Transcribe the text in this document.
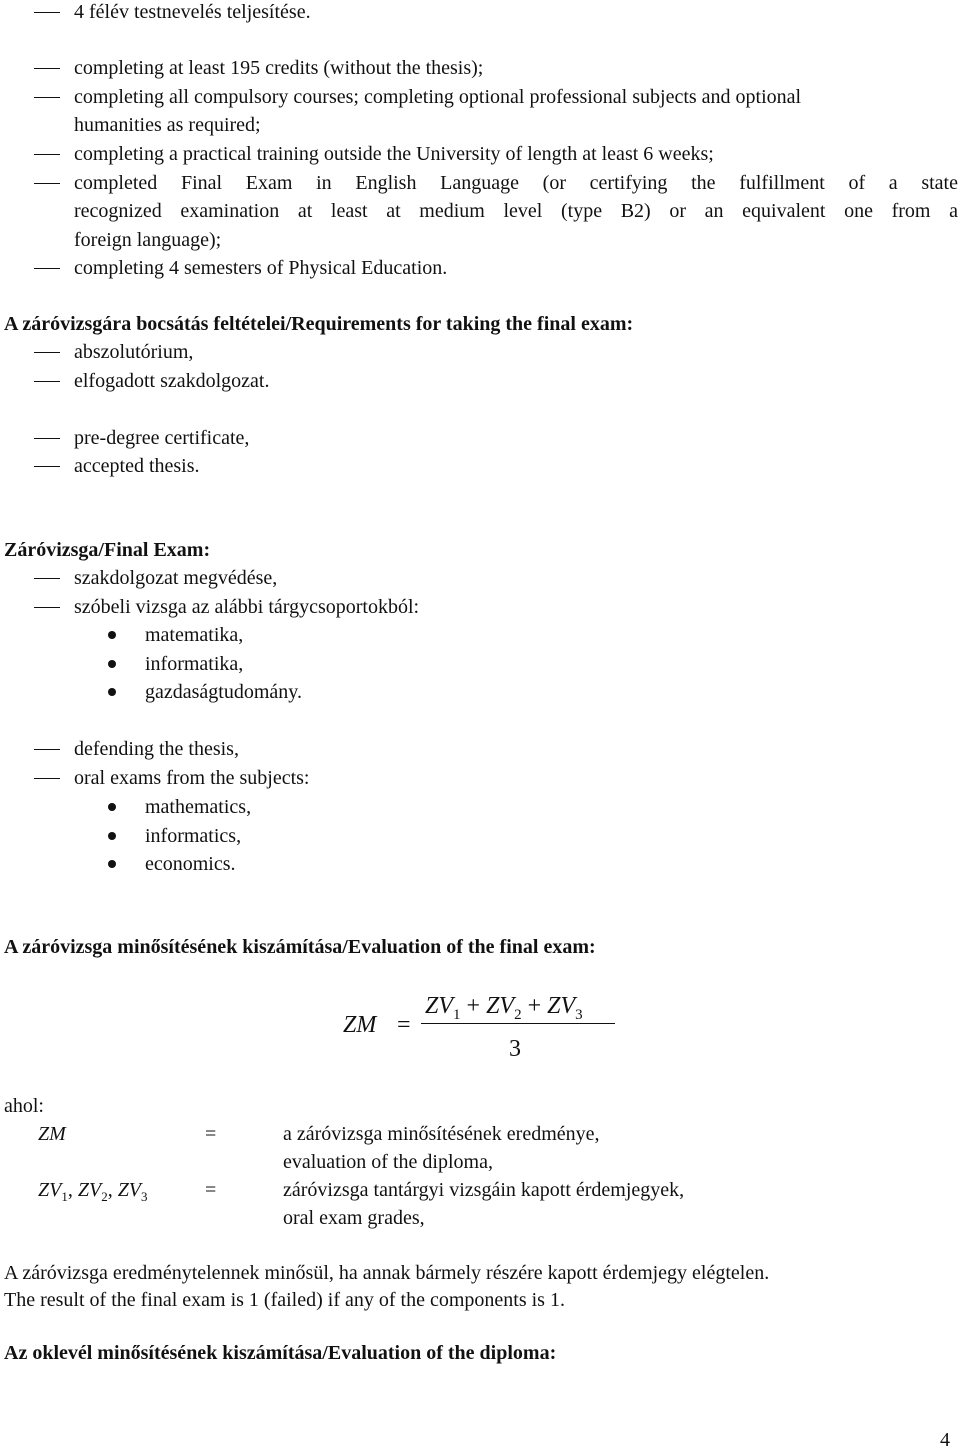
4 félév testnevelés teljesítése.
completing at least 195 credits (without the thesis);
completing all compulsory courses; completing optional professional subjects and optional
humanities as required;
completing a practical training outside the University of length at least 6 weeks;
completed Final Exam in English Language (or certifying the fulfillment of a state
recognized examination at least at medium level (type B2) or an equivalent one from a
foreign language);
completing 4 semesters of Physical Education.
A záróvizsgára bocsátás feltételei/Requirements for taking the final exam:
abszolutórium,
elfogadott szakdolgozat.
pre-degree certificate,
accepted thesis.
Záróvizsga/Final Exam:
szakdolgozat megvédése,
szóbeli vizsga az alábbi tárgycsoportokból:
matematika,
informatika,
gazdaságtudomány.
defending the thesis,
oral exams from the subjects:
mathematics,
informatics,
economics.
A záróvizsga minősítésének kiszámítása/Evaluation of the final exam:
ZM =
$ZV_1 + ZV_2 + ZV_3$
3
ahol:
ZM	=	a záróvizsga minősítésének eredménye,
evaluation of the diploma,
$ZV_1$, $ZV_2$, $ZV_3$	=	záróvizsga tantárgyi vizsgáin kapott érdemjegyek,
oral exam grades,
A záróvizsga eredménytelennek minősül, ha annak bármely részére kapott érdemjegy elégtelen.
The result of the final exam is 1 (failed) if any of the components is 1.
Az oklevél minősítésének kiszámítása/Evaluation of the diploma:
4
